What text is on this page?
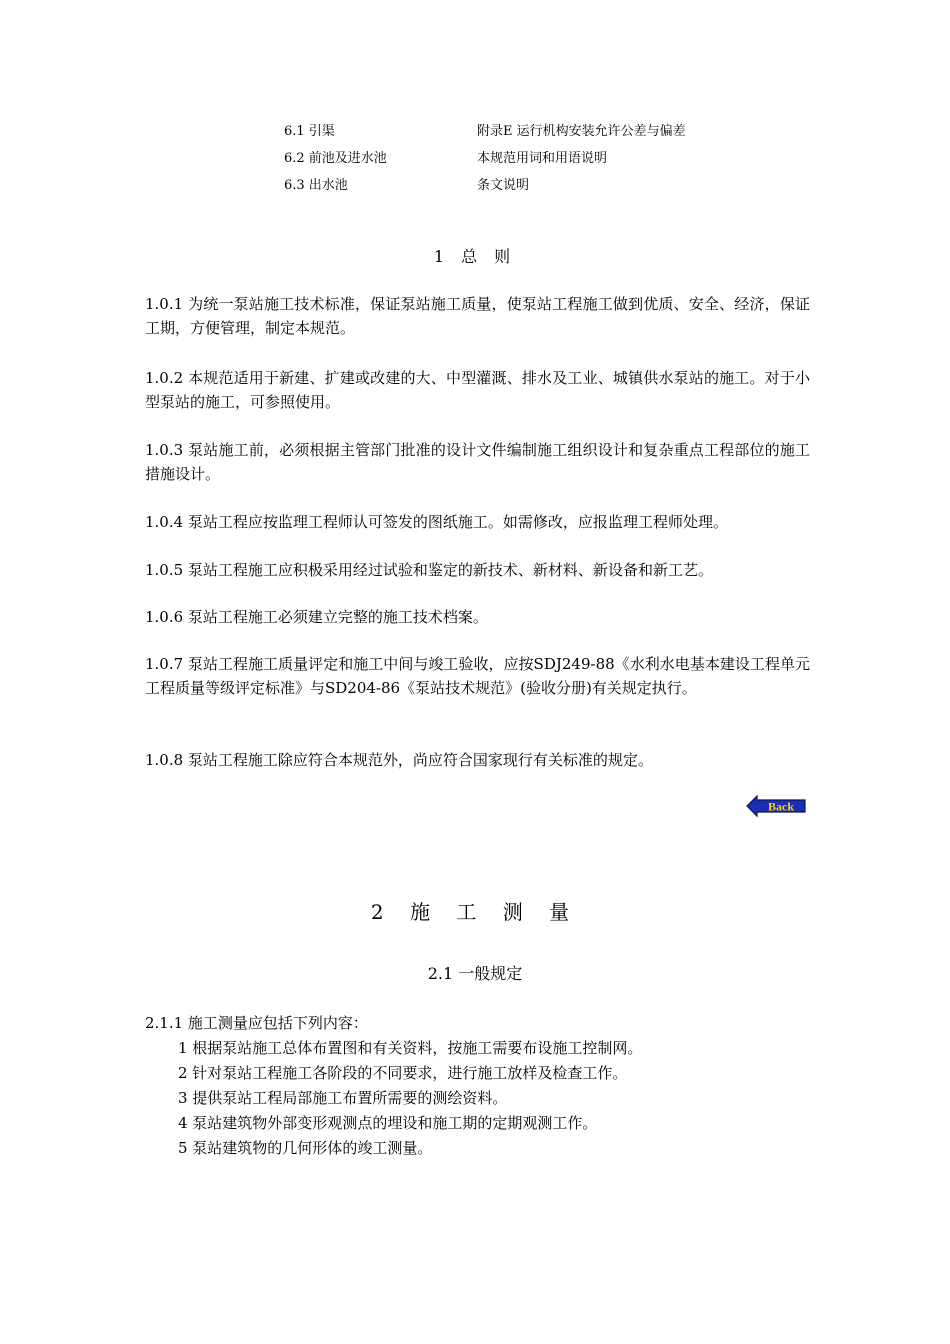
6.1 引渠	附录E 运行机构安装允许公差与偏差
6.2 前池及进水池	本规范用词和用语说明
6.3 出水池	条文说明
1 总 则
1.0.1 为统一泵站施工技术标准，保证泵站施工质量，使泵站工程施工做到优质、安全、经济，保证工期，方便管理，制定本规范。
1.0.2 本规范适用于新建、扩建或改建的大、中型灌溉、排水及工业、城镇供水泵站的施工。对于小型泵站的施工，可参照使用。
1.0.3 泵站施工前，必须根据主管部门批准的设计文件编制施工组织设计和复杂重点工程部位的施工措施设计。
1.0.4 泵站工程应按监理工程师认可签发的图纸施工。如需修改，应报监理工程师处理。
1.0.5 泵站工程施工应积极采用经过试验和鉴定的新技术、新材料、新设备和新工艺。
1.0.6 泵站工程施工必须建立完整的施工技术档案。
1.0.7 泵站工程施工质量评定和施工中间与竣工验收，应按SDJ249-88《水利水电基本建设工程单元工程质量等级评定标准》与SD204-86《泵站技术规范》(验收分册)有关规定执行。
1.0.8 泵站工程施工除应符合本规范外，尚应符合国家现行有关标准的规定。
Back
2 施 工 测 量
2.1 一般规定
2.1.1 施工测量应包括下列内容：
1 根据泵站施工总体布置图和有关资料，按施工需要布设施工控制网。
2 针对泵站工程施工各阶段的不同要求，进行施工放样及检查工作。
3 提供泵站工程局部施工布置所需要的测绘资料。
4 泵站建筑物外部变形观测点的埋设和施工期的定期观测工作。
5 泵站建筑物的几何形体的竣工测量。
